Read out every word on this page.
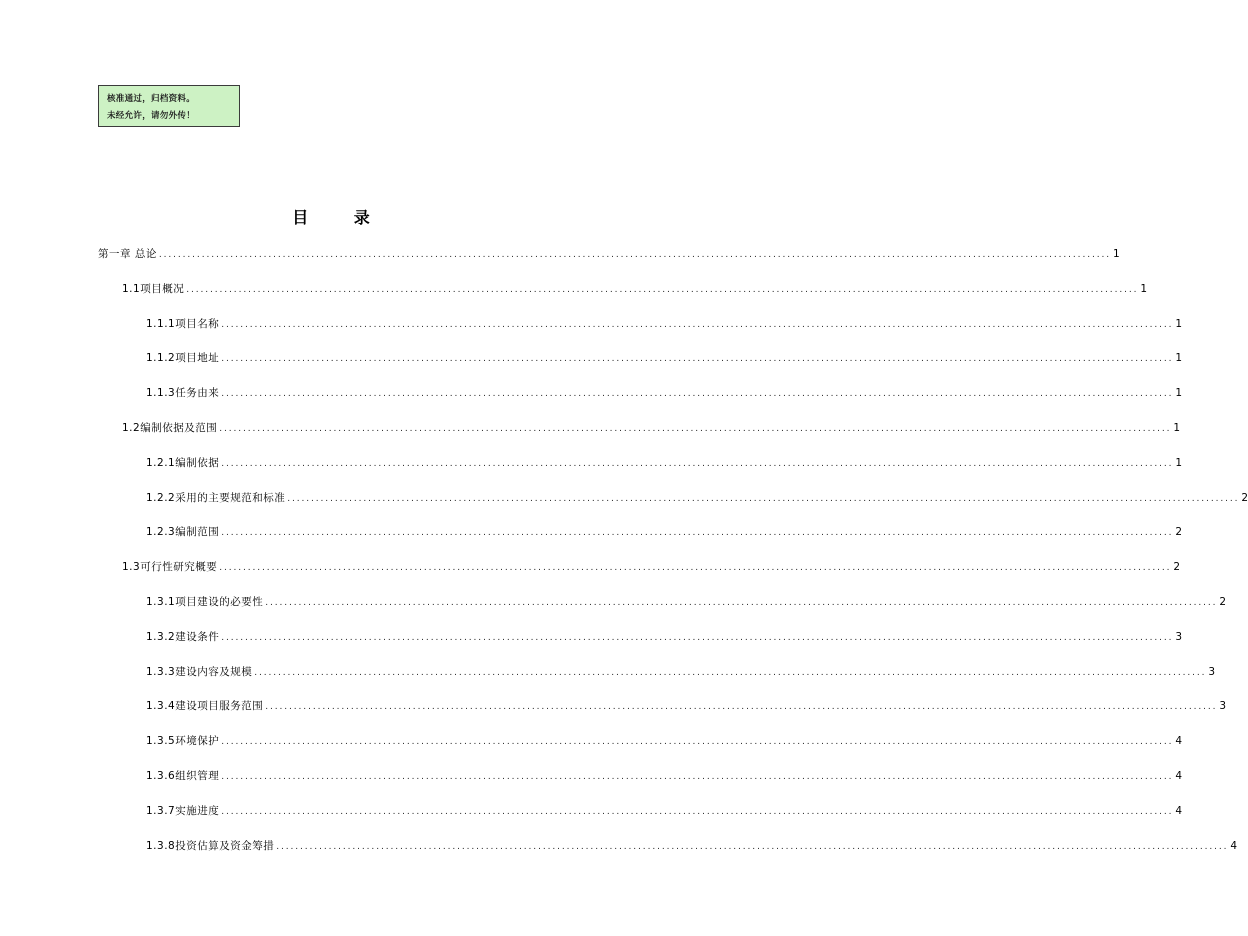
核准通过，归档资料。
未经允许，请勿外传！
目 录
第一章 总论 ........................................................................................................................................................................................................ 1
1.1项目概况 ........................................................................................................................................................................................................ 1
1.1.1项目名称 ........................................................................................................................................................................................................ 1
1.1.2项目地址 ........................................................................................................................................................................................................ 1
1.1.3任务由来 ........................................................................................................................................................................................................ 1
1.2编制依据及范围 ........................................................................................................................................................................................................ 1
1.2.1编制依据 ........................................................................................................................................................................................................ 1
1.2.2采用的主要规范和标准 ........................................................................................................................................................................................................ 2
1.2.3编制范围 ........................................................................................................................................................................................................ 2
1.3可行性研究概要 ........................................................................................................................................................................................................ 2
1.3.1项目建设的必要性 ........................................................................................................................................................................................................ 2
1.3.2建设条件 ........................................................................................................................................................................................................ 3
1.3.3建设内容及规模 ........................................................................................................................................................................................................ 3
1.3.4建设项目服务范围 ........................................................................................................................................................................................................ 3
1.3.5环境保护 ........................................................................................................................................................................................................ 4
1.3.6组织管理 ........................................................................................................................................................................................................ 4
1.3.7实施进度 ........................................................................................................................................................................................................ 4
1.3.8投资估算及资金筹措 ........................................................................................................................................................................................................ 4
